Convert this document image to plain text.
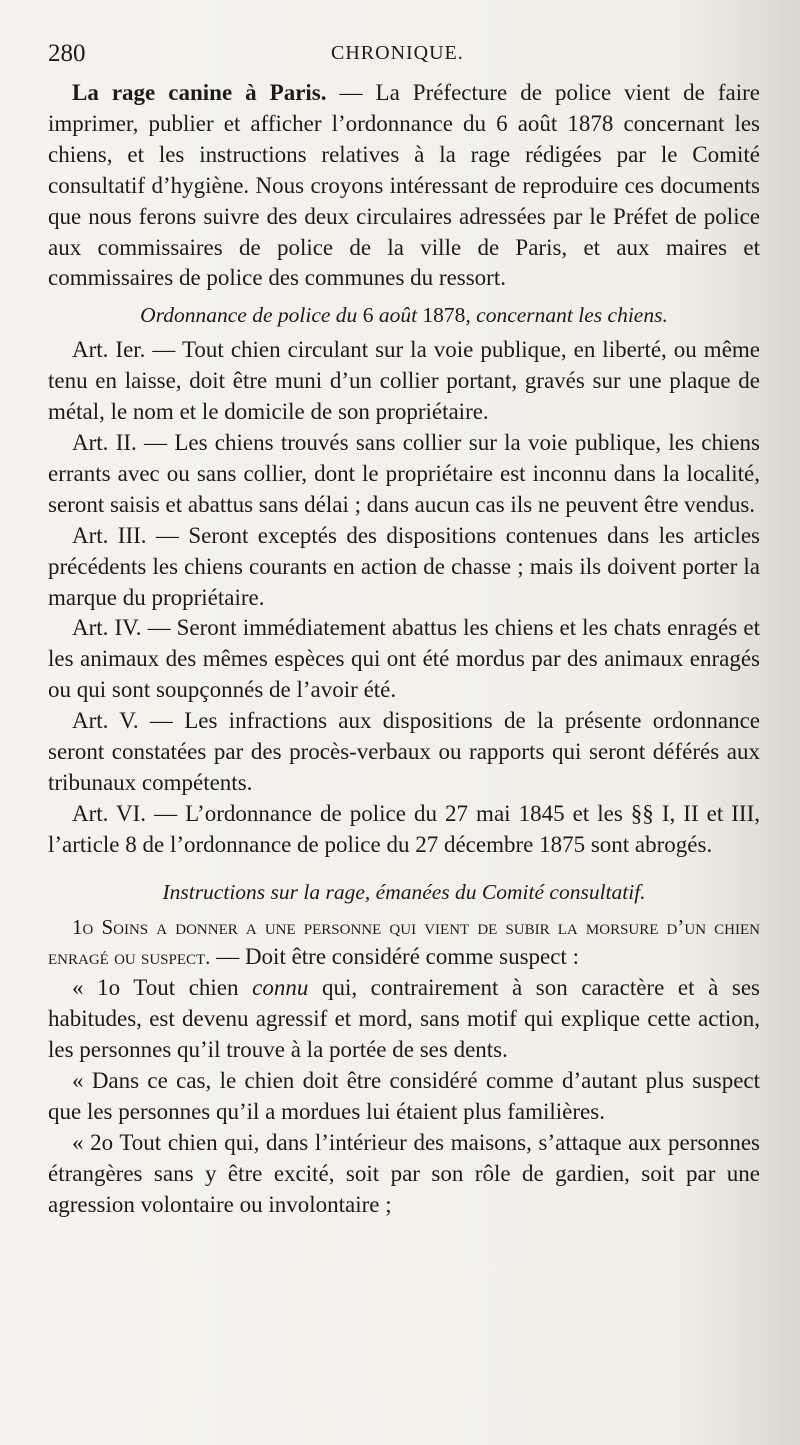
280	CHRONIQUE.

La rage canine à Paris. — La Préfecture de police vient de faire imprimer, publier et afficher l’ordonnance du 6 août 1878 concernant les chiens, et les instructions relatives à la rage rédigées par le Comité consultatif d’hygiène. Nous croyons intéressant de reproduire ces documents que nous ferons suivre des deux circulaires adressées par le Préfet de police aux commissaires de police de la ville de Paris, et aux maires et commissaires de police des communes du ressort.

Ordonnance de police du 6 août 1878, concernant les chiens.

Art. Ier. — Tout chien circulant sur la voie publique, en liberté, ou même tenu en laisse, doit être muni d’un collier portant, gravés sur une plaque de métal, le nom et le domicile de son propriétaire.

Art. II. — Les chiens trouvés sans collier sur la voie publique, les chiens errants avec ou sans collier, dont le propriétaire est inconnu dans la localité, seront saisis et abattus sans délai ; dans aucun cas ils ne peuvent être vendus.

Art. III. — Seront exceptés des dispositions contenues dans les articles précédents les chiens courants en action de chasse ; mais ils doivent porter la marque du propriétaire.

Art. IV. — Seront immédiatement abattus les chiens et les chats enragés et les animaux des mêmes espèces qui ont été mordus par des animaux enragés ou qui sont soupçonnés de l’avoir été.

Art. V. — Les infractions aux dispositions de la présente ordonnance seront constatées par des procès-verbaux ou rapports qui seront déférés aux tribunaux compétents.

Art. VI. — L’ordonnance de police du 27 mai 1845 et les §§ I, II et III, l’article 8 de l’ordonnance de police du 27 décembre 1875 sont abrogés.

Instructions sur la rage, émanées du Comité consultatif.

1o Soins a donner a une personne qui vient de subir la morsure d’un chien enragé ou suspect. — Doit être considéré comme suspect :

« 1o Tout chien connu qui, contrairement à son caractère et à ses habitudes, est devenu agressif et mord, sans motif qui explique cette action, les personnes qu’il trouve à la portée de ses dents.

« Dans ce cas, le chien doit être considéré comme d’autant plus suspect que les personnes qu’il a mordues lui étaient plus familières.

« 2o Tout chien qui, dans l’intérieur des maisons, s’attaque aux personnes étrangères sans y être excité, soit par son rôle de gardien, soit par une agression volontaire ou involontaire ;
